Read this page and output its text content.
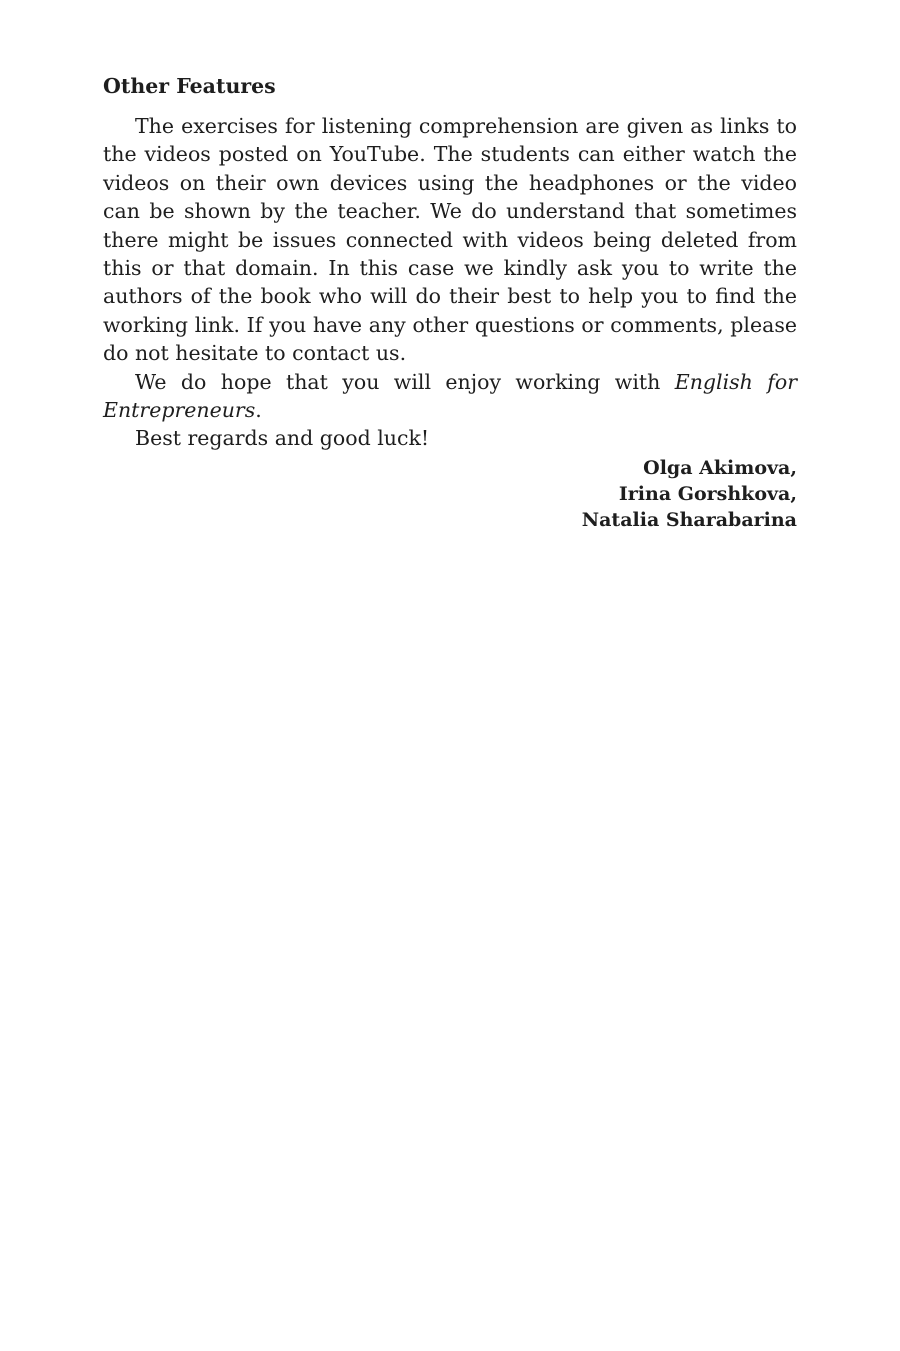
Other Features

The exercises for listening comprehension are given as links to the videos posted on YouTube. The students can either watch the videos on their own devices using the headphones or the video can be shown by the teacher. We do understand that sometimes there might be issues connected with videos being deleted from this or that domain. In this case we kindly ask you to write the authors of the book who will do their best to help you to find the working link. If you have any other questions or comments, please do not hesitate to contact us.

We do hope that you will enjoy working with English for Entrepreneurs.

Best regards and good luck!

Olga Akimova,
Irina Gorshkova,
Natalia Sharabarina
